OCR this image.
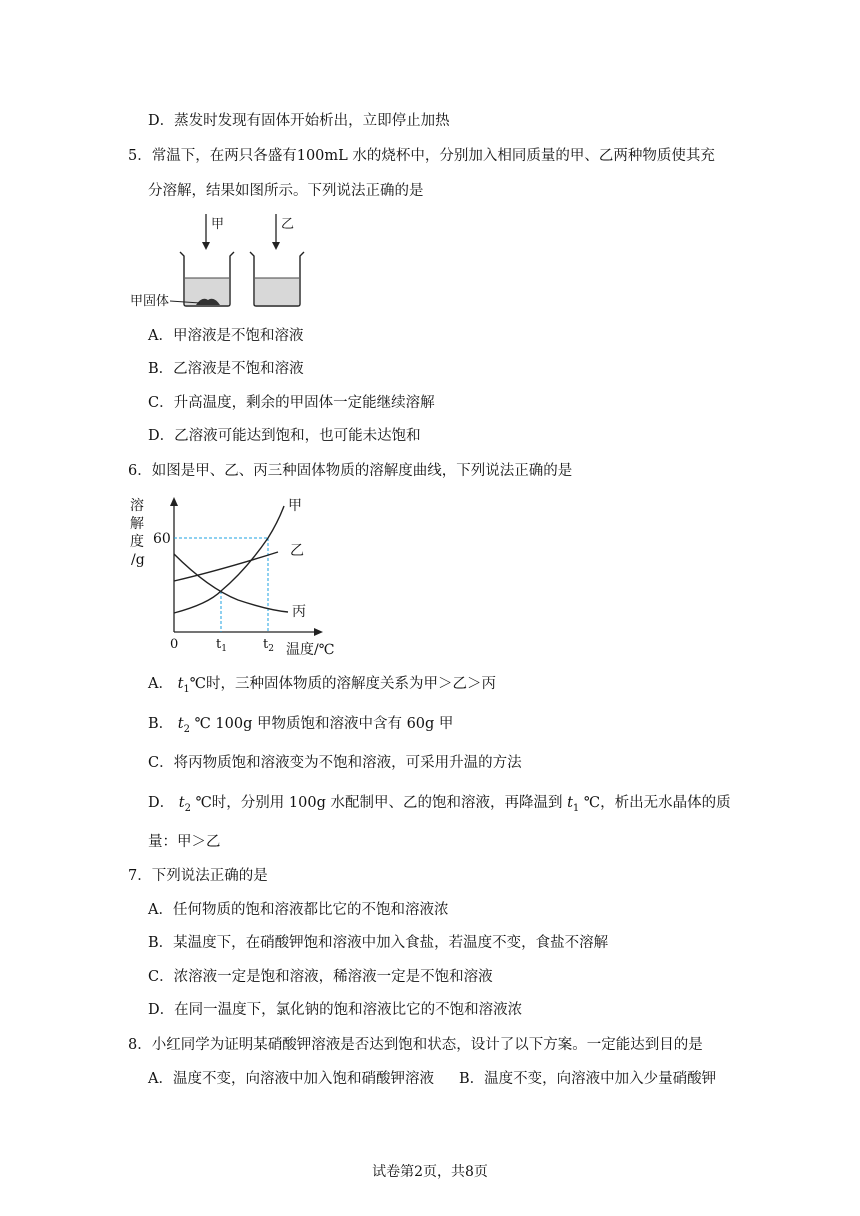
D．蒸发时发现有固体开始析出，立即停止加热
5．常温下，在两只各盛有100mL 水的烧杯中，分别加入相同质量的甲、乙两种物质使其充
分溶解，结果如图所示。下列说法正确的是
甲	乙
甲固体
A．甲溶液是不饱和溶液
B．乙溶液是不饱和溶液
C．升高温度，剩余的甲固体一定能继续溶解
D．乙溶液可能达到饱和，也可能未达饱和
6．如图是甲、乙、丙三种固体物质的溶解度曲线，下列说法正确的是
溶
解
度
/g
60
0	$t_1$	$t_2$ 温度/℃
甲
乙
丙
A． $t_1℃$时，三种固体物质的溶解度关系为甲＞乙＞丙
B． $t_2$ ℃ 100g 甲物质饱和溶液中含有 60g 甲
C．将丙物质饱和溶液变为不饱和溶液，可采用升温的方法
D． $t_2$ ℃时，分别用 100g 水配制甲、乙的饱和溶液，再降温到 $t_1$ ℃，析出无水晶体的质
量：甲＞乙
7．下列说法正确的是
A．任何物质的饱和溶液都比它的不饱和溶液浓
B．某温度下，在硝酸钾饱和溶液中加入食盐，若温度不变，食盐不溶解
C．浓溶液一定是饱和溶液，稀溶液一定是不饱和溶液
D．在同一温度下，氯化钠的饱和溶液比它的不饱和溶液浓
8．小红同学为证明某硝酸钾溶液是否达到饱和状态，设计了以下方案。一定能达到目的是
A．温度不变，向溶液中加入饱和硝酸钾溶液 B．温度不变，向溶液中加入少量硝酸钾
试卷第2页，共8页
